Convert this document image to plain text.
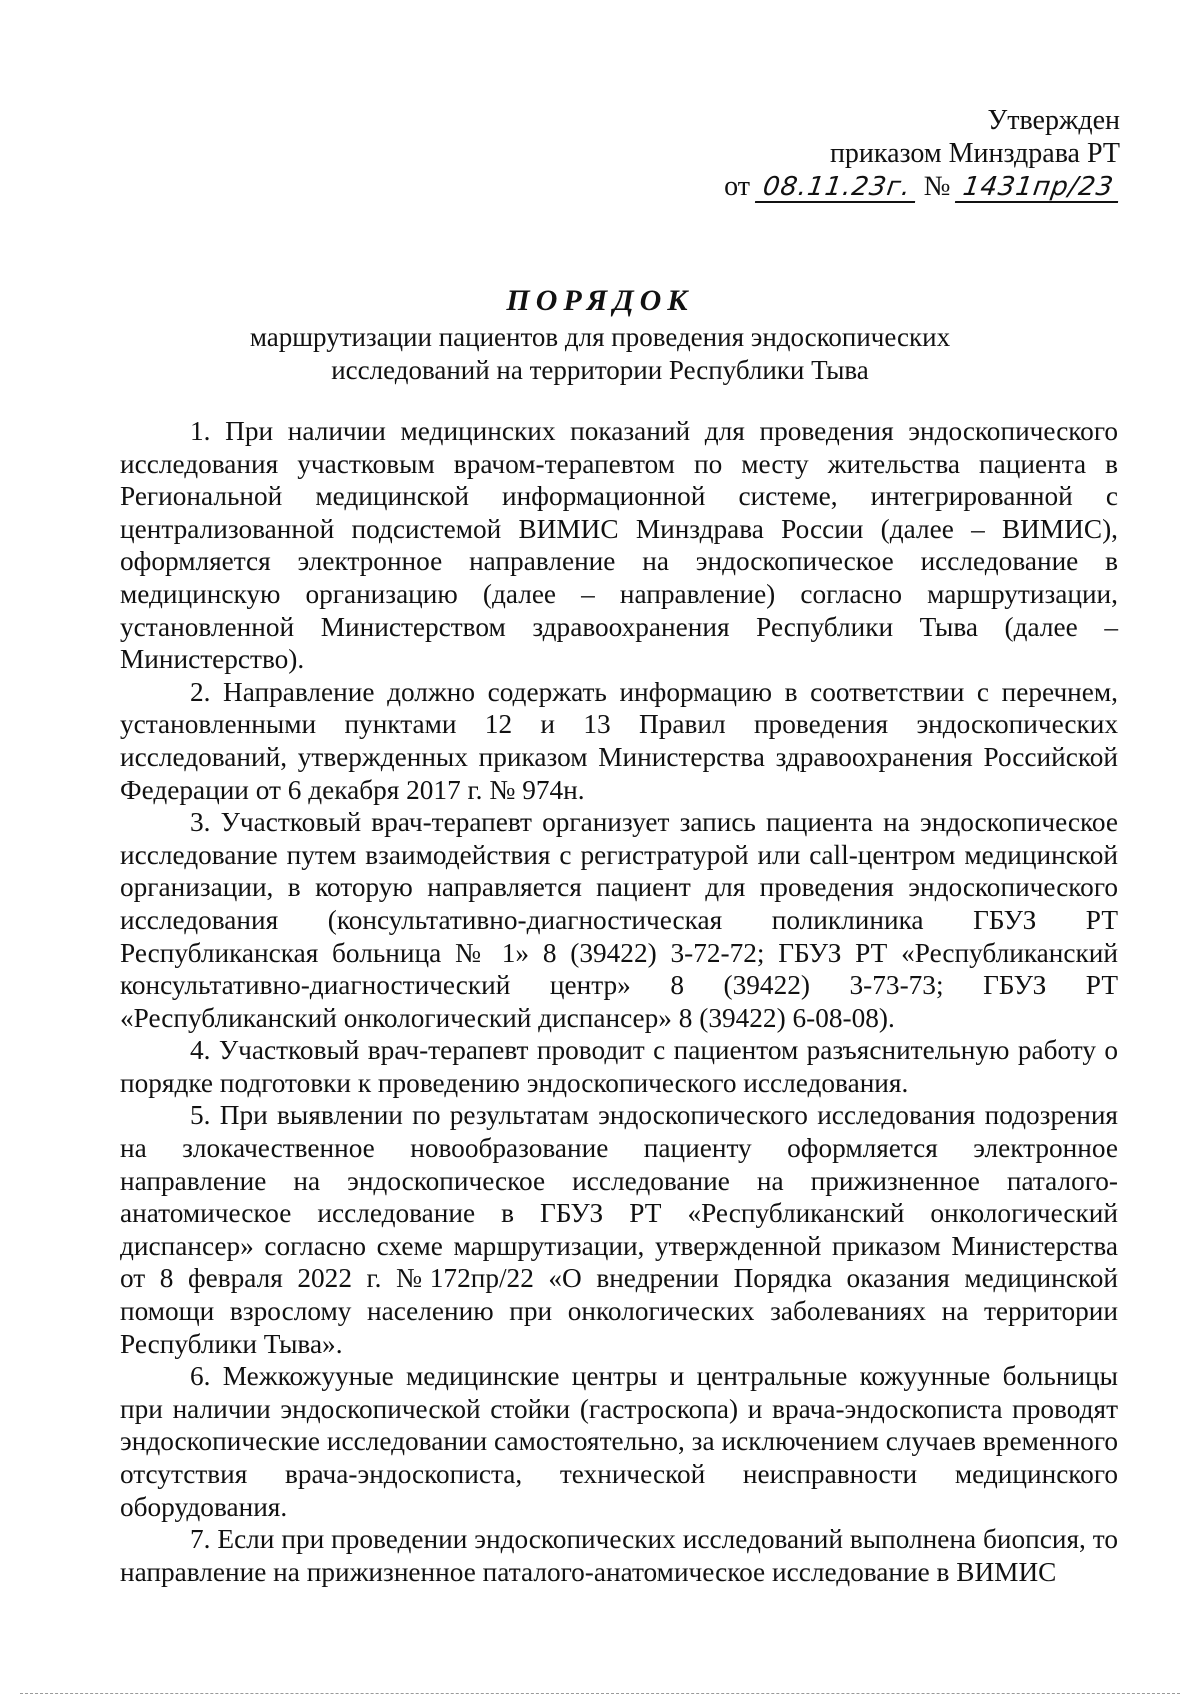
Утвержден
приказом Минздрава РТ
от 08.11.23г. № 1431пр/23
ПОРЯДОК
маршрутизации пациентов для проведения эндоскопических
исследований на территории Республики Тыва

1. При наличии медицинских показаний для проведения эндоскопического исследования участковым врачом-терапевтом по месту жительства пациента в Региональной медицинской информационной системе, интегрированной с централизованной подсистемой ВИМИС Минздрава России (далее – ВИМИС), оформляется электронное направление на эндоскопическое исследование в медицинскую организацию (далее – направление) согласно маршрутизации, установленной Министерством здравоохранения Республики Тыва (далее – Министерство).

2. Направление должно содержать информацию в соответствии с перечнем, установленными пунктами 12 и 13 Правил проведения эндоскопических исследований, утвержденных приказом Министерства здравоохранения Российской Федерации от 6 декабря 2017 г. № 974н.

3. Участковый врач-терапевт организует запись пациента на эндоскопическое исследование путем взаимодействия с регистратурой или call-центром медицинской организации, в которую направляется пациент для проведения эндоскопического исследования (консультативно-диагностическая поликлиника ГБУЗ РТ Республиканская больница № 1» 8 (39422) 3-72-72; ГБУЗ РТ «Республиканский консультативно-диагностический центр» 8 (39422) 3-73-73; ГБУЗ РТ «Республиканский онкологический диспансер» 8 (39422) 6-08-08).

4. Участковый врач-терапевт проводит с пациентом разъяснительную работу о порядке подготовки к проведению эндоскопического исследования.

5. При выявлении по результатам эндоскопического исследования подозрения на злокачественное новообразование пациенту оформляется электронное направление на эндоскопическое исследование на прижизненное паталого-анатомическое исследование в ГБУЗ РТ «Республиканский онкологический диспансер» согласно схеме маршрутизации, утвержденной приказом Министерства от 8 февраля 2022 г. №172пр/22 «О внедрении Порядка оказания медицинской помощи взрослому населению при онкологических заболеваниях на территории Республики Тыва».

6. Межкожууные медицинские центры и центральные кожуунные больницы при наличии эндоскопической стойки (гастроскопа) и врача-эндоскописта проводят эндоскопические исследовании самостоятельно, за исключением случаев временного отсутствия врача-эндоскописта, технической неисправности медицинского оборудования.

7. Если при проведении эндоскопических исследований выполнена биопсия, то направление на прижизненное паталого-анатомическое исследование в ВИМИС
